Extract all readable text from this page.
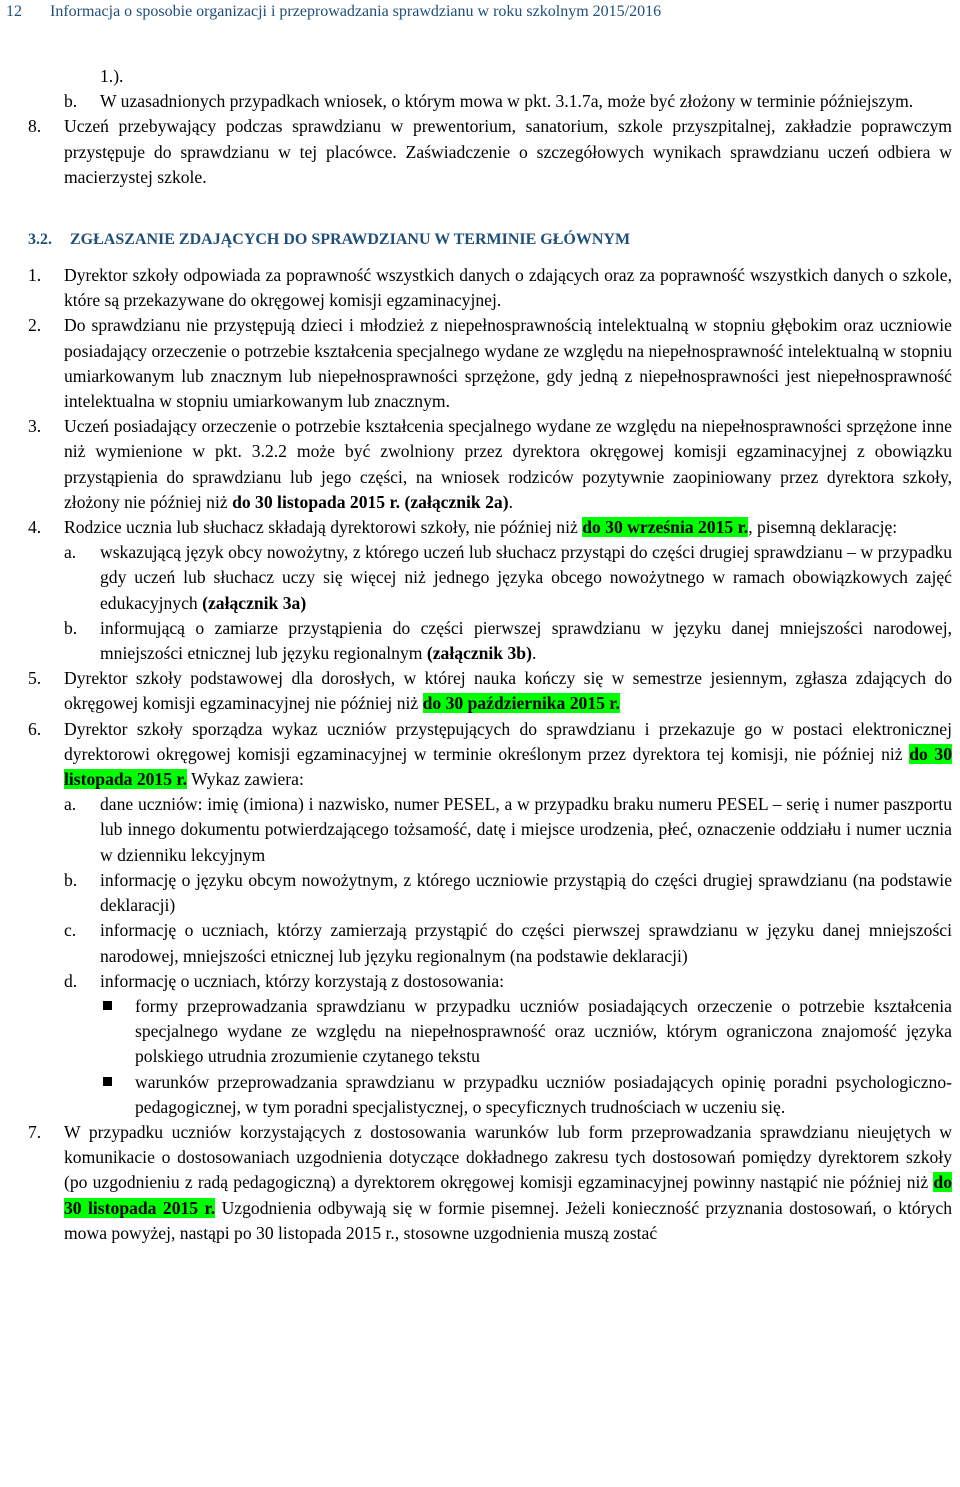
12 Informacja o sposobie organizacji i przeprowadzania sprawdzianu w roku szkolnym 2015/2016
1.).
b. W uzasadnionych przypadkach wniosek, o którym mowa w pkt. 3.1.7a, może być złożony w terminie późniejszym.
8. Uczeń przebywający podczas sprawdzianu w prewentorium, sanatorium, szkole przyszpitalnej, zakładzie poprawczym przystępuje do sprawdzianu w tej placówce. Zaświadczenie o szczegółowych wynikach sprawdzianu uczeń odbiera w macierzystej szkole.
3.2. ZGŁASZANIE ZDAJĄCYCH DO SPRAWDZIANU W TERMINIE GŁÓWNYM
1. Dyrektor szkoły odpowiada za poprawność wszystkich danych o zdających oraz za poprawność wszystkich danych o szkole, które są przekazywane do okręgowej komisji egzaminacyjnej.
2. Do sprawdzianu nie przystępują dzieci i młodzież z niepełnosprawnością intelektualną w stopniu głębokim oraz uczniowie posiadający orzeczenie o potrzebie kształcenia specjalnego wydane ze względu na niepełnosprawność intelektualną w stopniu umiarkowanym lub znacznym lub niepełnosprawności sprzężone, gdy jedną z niepełnosprawności jest niepełnosprawność intelektualna w stopniu umiarkowanym lub znacznym.
3. Uczeń posiadający orzeczenie o potrzebie kształcenia specjalnego wydane ze względu na niepełnosprawności sprzężone inne niż wymienione w pkt. 3.2.2 może być zwolniony przez dyrektora okręgowej komisji egzaminacyjnej z obowiązku przystąpienia do sprawdzianu lub jego części, na wniosek rodziców pozytywnie zaopiniowany przez dyrektora szkoły, złożony nie później niż do 30 listopada 2015 r. (załącznik 2a).
4. Rodzice ucznia lub słuchacz składają dyrektorowi szkoły, nie później niż do 30 września 2015 r., pisemną deklarację:
a. wskazującą język obcy nowożytny, z którego uczeń lub słuchacz przystąpi do części drugiej sprawdzianu – w przypadku gdy uczeń lub słuchacz uczy się więcej niż jednego języka obcego nowożytnego w ramach obowiązkowych zajęć edukacyjnych (załącznik 3a)
b. informującą o zamiarze przystąpienia do części pierwszej sprawdzianu w języku danej mniejszości narodowej, mniejszości etnicznej lub języku regionalnym (załącznik 3b).
5. Dyrektor szkoły podstawowej dla dorosłych, w której nauka kończy się w semestrze jesiennym, zgłasza zdających do okręgowej komisji egzaminacyjnej nie później niż do 30 października 2015 r.
6. Dyrektor szkoły sporządza wykaz uczniów przystępujących do sprawdzianu i przekazuje go w postaci elektronicznej dyrektorowi okręgowej komisji egzaminacyjnej w terminie określonym przez dyrektora tej komisji, nie później niż do 30 listopada 2015 r. Wykaz zawiera:
a. dane uczniów: imię (imiona) i nazwisko, numer PESEL, a w przypadku braku numeru PESEL – serię i numer paszportu lub innego dokumentu potwierdzającego tożsamość, datę i miejsce urodzenia, płeć, oznaczenie oddziału i numer ucznia w dzienniku lekcyjnym
b. informację o języku obcym nowożytnym, z którego uczniowie przystąpią do części drugiej sprawdzianu (na podstawie deklaracji)
c. informację o uczniach, którzy zamierzają przystąpić do części pierwszej sprawdzianu w języku danej mniejszości narodowej, mniejszości etnicznej lub języku regionalnym (na podstawie deklaracji)
d. informację o uczniach, którzy korzystają z dostosowania:
formy przeprowadzania sprawdzianu w przypadku uczniów posiadających orzeczenie o potrzebie kształcenia specjalnego wydane ze względu na niepełnosprawność oraz uczniów, którym ograniczona znajomość języka polskiego utrudnia zrozumienie czytanego tekstu
warunków przeprowadzania sprawdzianu w przypadku uczniów posiadających opinię poradni psychologiczno-pedagogicznej, w tym poradni specjalistycznej, o specyficznych trudnościach w uczeniu się.
7. W przypadku uczniów korzystających z dostosowania warunków lub form przeprowadzania sprawdzianu nieujętych w komunikacie o dostosowaniach uzgodnienia dotyczące dokładnego zakresu tych dostosowań pomiędzy dyrektorem szkoły (po uzgodnieniu z radą pedagogiczną) a dyrektorem okręgowej komisji egzaminacyjnej powinny nastąpić nie później niż do 30 listopada 2015 r. Uzgodnienia odbywają się w formie pisemnej. Jeżeli konieczność przyznania dostosowań, o których mowa powyżej, nastąpi po 30 listopada 2015 r., stosowne uzgodnienia muszą zostać
